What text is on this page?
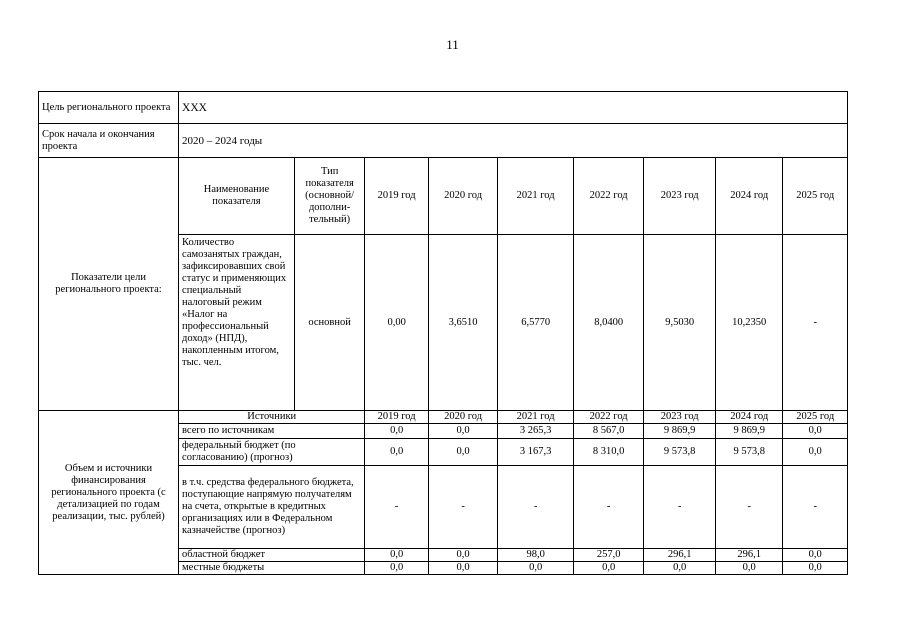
11
Цель регионального проекта	XXX								
Срок начала и окончания проекта	2020 – 2024 годы								
Показатели цели регионального проекта:	Наименование показателя	Тип показателя (основной/ дополни-тельный)	2019 год	2020 год	2021 год	2022 год	2023 год	2024 год	2025 год
	Количество самозанятых граждан, зафиксировавших свой статус и применяющих специальный налоговый режим «Налог на профессиональный доход» (НПД), накопленным итогом, тыс. чел.	основной	0,00	3,6510	6,5770	8,0400	9,5030	10,2350	-
Объем и источники финансирования регионального проекта (с детализацией по годам реализации, тыс. рублей)	Источники		2019 год	2020 год	2021 год	2022 год	2023 год	2024 год	2025 год
	всего по источникам		0,0	0,0	3 265,3	8 567,0	9 869,9	9 869,9	0,0
	федеральный бюджет (по согласованию) (прогноз)		0,0	0,0	3 167,3	8 310,0	9 573,8	9 573,8	0,0
	в т.ч. средства федерального бюджета, поступающие напрямую получателям на счета, открытые в кредитных организациях или в Федеральном казначействе (прогноз)		-	-	-	-	-	-	-
	областной бюджет		0,0	0,0	98,0	257,0	296,1	296,1	0,0
	местные бюджеты		0,0	0,0	0,0	0,0	0,0	0,0	0,0
